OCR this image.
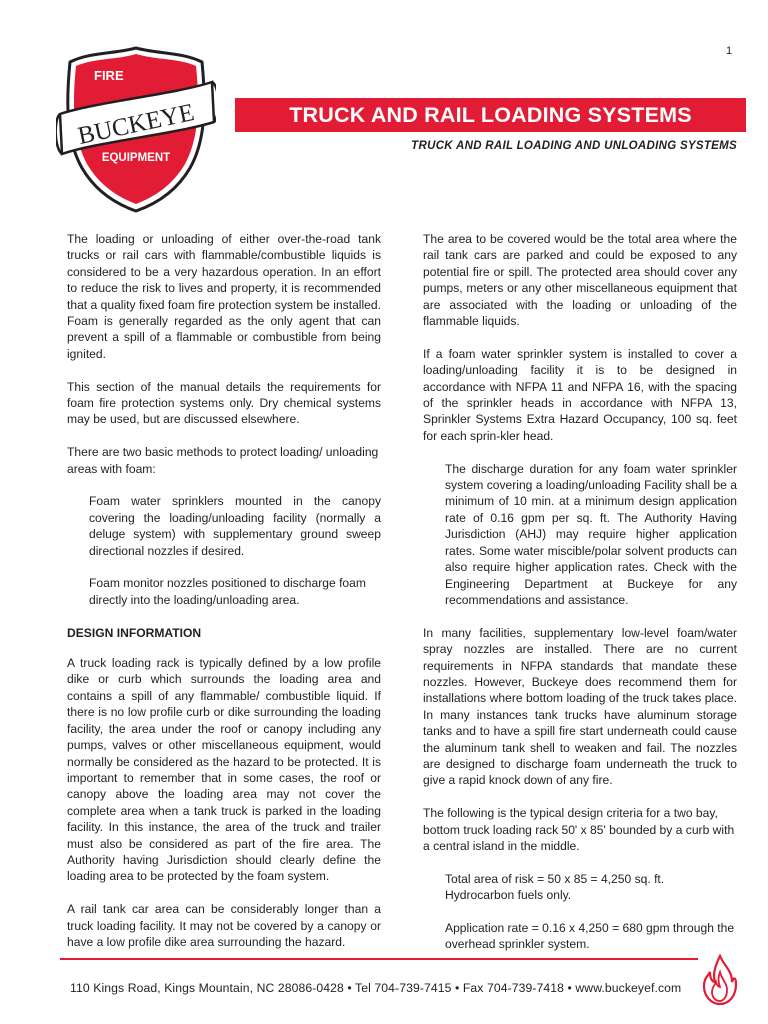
1
FIRE
BUCKEYE
EQUIPMENT
TRUCK AND RAIL LOADING SYSTEMS
TRUCK AND RAIL LOADING AND UNLOADING SYSTEMS

The loading or unloading of either over-the-road tank trucks or rail cars with flammable/combustible liquids is considered to be a very hazardous operation. In an effort to reduce the risk to lives and property, it is recommended that a quality fixed foam fire protection system be installed. Foam is generally regarded as the only agent that can prevent a spill of a flammable or combustible from being ignited.

This section of the manual details the requirements for foam fire protection systems only. Dry chemical systems may be used, but are discussed elsewhere.

There are two basic methods to protect loading/ unloading areas with foam:

Foam water sprinklers mounted in the canopy covering the loading/unloading facility (normally a deluge system) with supplementary ground sweep directional nozzles if desired.

Foam monitor nozzles positioned to discharge foam directly into the loading/unloading area.

DESIGN INFORMATION

A truck loading rack is typically defined by a low profile dike or curb which surrounds the loading area and contains a spill of any flammable/ combustible liquid. If there is no low profile curb or dike surrounding the loading facility, the area under the roof or canopy including any pumps, valves or other miscellaneous equipment, would normally be considered as the hazard to be protected. It is important to remember that in some cases, the roof or canopy above the loading area may not cover the complete area when a tank truck is parked in the loading facility. In this instance, the area of the truck and trailer must also be considered as part of the fire area. The Authority having Jurisdiction should clearly define the loading area to be protected by the foam system.

A rail tank car area can be considerably longer than a truck loading facility. It may not be covered by a canopy or have a low profile dike area surrounding the hazard.

The area to be covered would be the total area where the rail tank cars are parked and could be exposed to any potential fire or spill. The protected area should cover any pumps, meters or any other miscellaneous equipment that are associated with the loading or unloading of the flammable liquids.

If a foam water sprinkler system is installed to cover a loading/unloading facility it is to be designed in accordance with NFPA 11 and NFPA 16, with the spacing of the sprinkler heads in accordance with NFPA 13, Sprinkler Systems Extra Hazard Occupancy, 100 sq. feet for each sprin-kler head.

The discharge duration for any foam water sprinkler system covering a loading/unloading Facility shall be a minimum of 10 min. at a minimum design application rate of 0.16 gpm per sq. ft. The Authority Having Jurisdiction (AHJ) may require higher application rates. Some water miscible/polar solvent products can also require higher application rates. Check with the Engineering Department at Buckeye for any recommendations and assistance.

In many facilities, supplementary low-level foam/water spray nozzles are installed. There are no current requirements in NFPA standards that mandate these nozzles. However, Buckeye does recommend them for installations where bottom loading of the truck takes place. In many instances tank trucks have aluminum storage tanks and to have a spill fire start underneath could cause the aluminum tank shell to weaken and fail. The nozzles are designed to discharge foam underneath the truck to give a rapid knock down of any fire.

The following is the typical design criteria for a two bay, bottom truck loading rack 50' x 85' bounded by a curb with a central island in the middle.

Total area of risk = 50 x 85 = 4,250 sq. ft.
Hydrocarbon fuels only.

Application rate = 0.16 x 4,250 = 680 gpm through the overhead sprinkler system.

110 Kings Road, Kings Mountain, NC 28086-0428 • Tel 704-739-7415 • Fax 704-739-7418 • www.buckeyef.com
